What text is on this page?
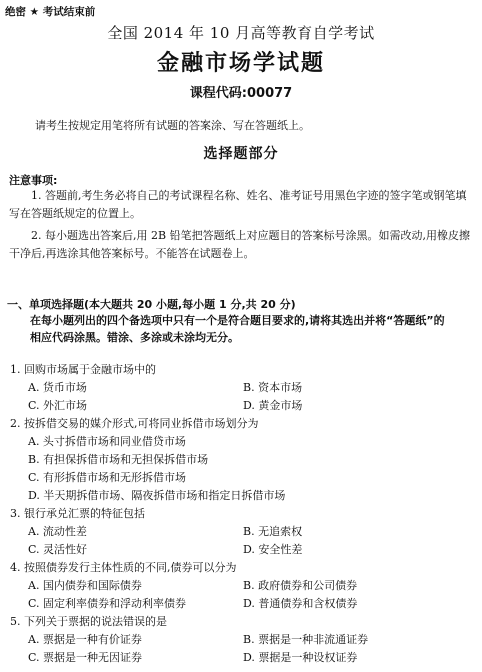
绝密 ★ 考试结束前
全国 2014 年 10 月高等教育自学考试
金融市场学试题
课程代码:00077
请考生按规定用笔将所有试题的答案涂、写在答题纸上。
选择题部分
注意事项:
1. 答题前,考生务必将自己的考试课程名称、姓名、准考证号用黑色字迹的签字笔或钢笔填写在答题纸规定的位置上。
2. 每小题选出答案后,用 2B 铅笔把答题纸上对应题目的答案标号涂黑。如需改动,用橡皮擦干净后,再选涂其他答案标号。不能答在试题卷上。
一、单项选择题(本大题共 20 小题,每小题 1 分,共 20 分)
在每小题列出的四个备选项中只有一个是符合题目要求的,请将其选出并将“答题纸”的相应代码涂黑。错涂、多涂或未涂均无分。
1. 回购市场属于金融市场中的
A. 货币市场	B. 资本市场
C. 外汇市场	D. 黄金市场
2. 按拆借交易的媒介形式,可将同业拆借市场划分为
A. 头寸拆借市场和同业借贷市场
B. 有担保拆借市场和无担保拆借市场
C. 有形拆借市场和无形拆借市场
D. 半天期拆借市场、隔夜拆借市场和指定日拆借市场
3. 银行承兑汇票的特征包括
A. 流动性差	B. 无追索权
C. 灵活性好	D. 安全性差
4. 按照债券发行主体性质的不同,债券可以分为
A. 国内债券和国际债券	B. 政府债券和公司债券
C. 固定利率债券和浮动利率债券	D. 普通债券和含权债券
5. 下列关于票据的说法错误的是
A. 票据是一种有价证券	B. 票据是一种非流通证券
C. 票据是一种无因证券	D. 票据是一种设权证券
